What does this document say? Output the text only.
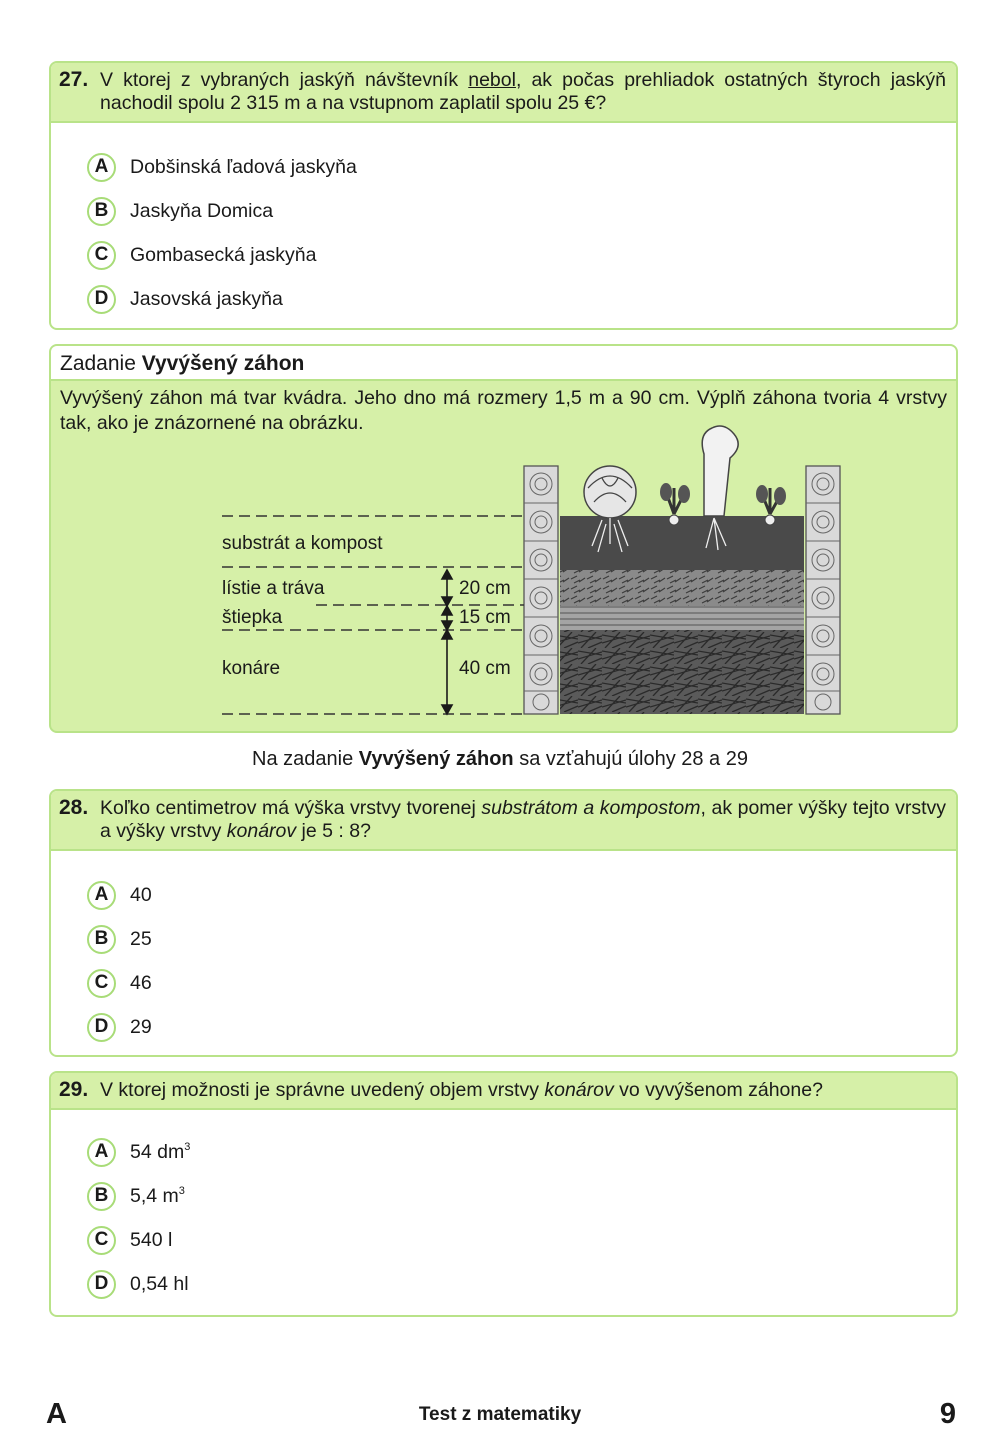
27. V ktorej z vybraných jaskýň návštevník nebol, ak počas prehliadok ostatných štyroch jaskýň nachodil spolu 2 315 m a na vstupnom zaplatil spolu 25 €?
A	Dobšinská ľadová jaskyňa
B	Jaskyňa Domica
C	Gombasecká jaskyňa
D	Jasovská jaskyňa
Zadanie Vyvýšený záhon
Vyvýšený záhon má tvar kvádra. Jeho dno má rozmery 1,5 m a 90 cm. Výplň záhona tvoria 4 vrstvy tak, ako je znázornené na obrázku.
substrát a kompost
lístie a tráva
štiepka
konáre
20 cm
15 cm
40 cm
Na zadanie Vyvýšený záhon sa vzťahujú úlohy 28 a 29
28. Koľko centimetrov má výška vrstvy tvorenej substrátom a kompostom, ak pomer výšky tejto vrstvy a výšky vrstvy konárov je 5 : 8?
A	40
B	25
C	46
D	29
29. V ktorej možnosti je správne uvedený objem vrstvy konárov vo vyvýšenom záhone?
A	54 $dm^3$
B	5,4 $m^3$
C	540 l
D	0,54 hl
A	Test z matematiky	9
